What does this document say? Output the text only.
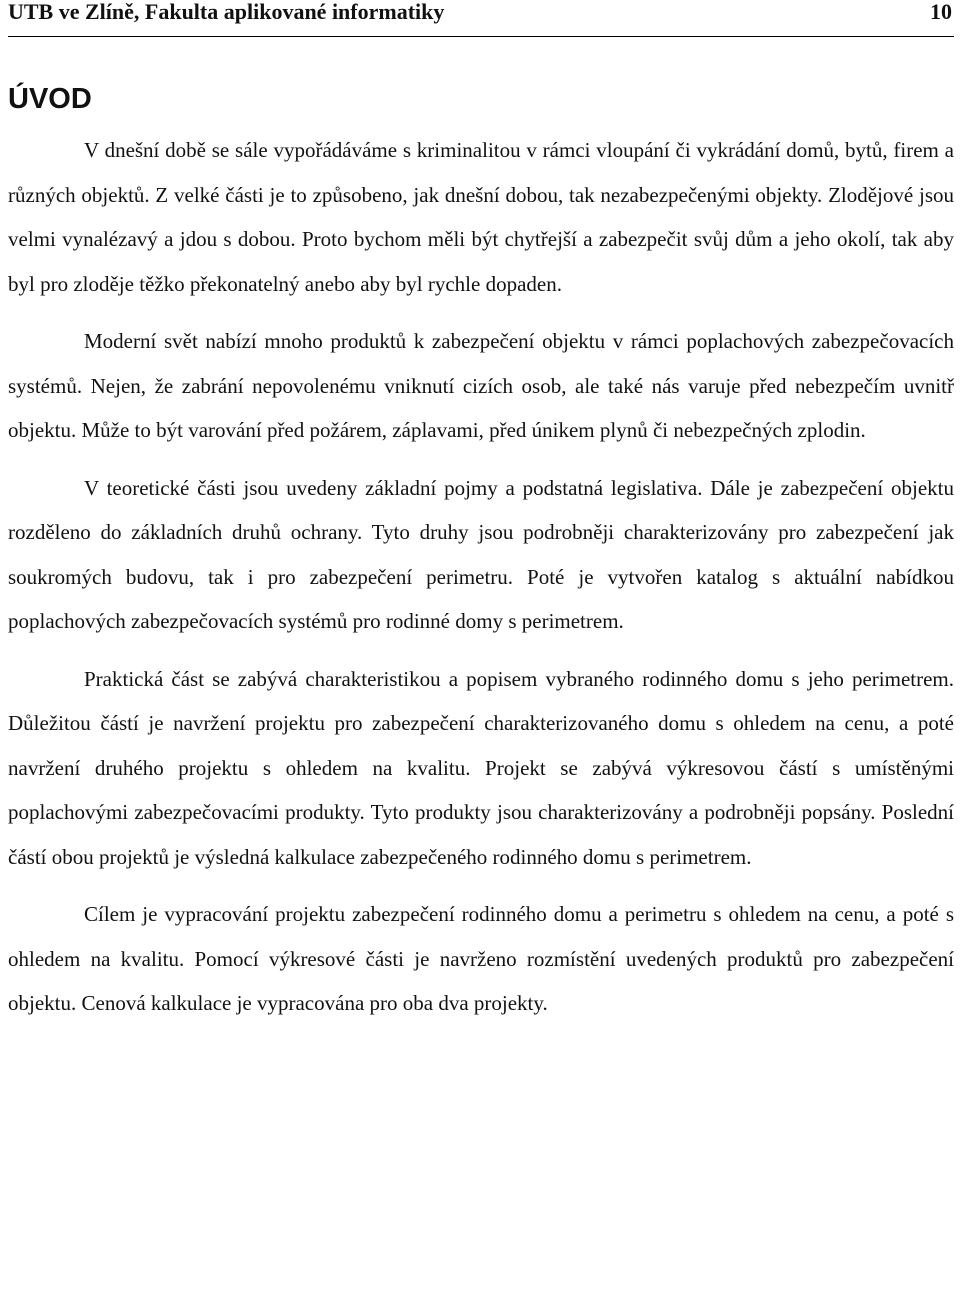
UTB ve Zlíně, Fakulta aplikované informatiky	10
ÚVOD

V dnešní době se sále vypořádáváme s kriminalitou v rámci vloupání či vykrádání domů, bytů, firem a různých objektů. Z velké části je to způsobeno, jak dnešní dobou, tak nezabezpečenými objekty. Zlodějové jsou velmi vynalézavý a jdou s dobou. Proto bychom měli být chytřejší a zabezpečit svůj dům a jeho okolí, tak aby byl pro zloděje těžko překonatelný anebo aby byl rychle dopaden.

Moderní svět nabízí mnoho produktů k zabezpečení objektu v rámci poplachových zabezpečovacích systémů. Nejen, že zabrání nepovolenému vniknutí cizích osob, ale také nás varuje před nebezpečím uvnitř objektu. Může to být varování před požárem, záplavami, před únikem plynů či nebezpečných zplodin.

V teoretické části jsou uvedeny základní pojmy a podstatná legislativa. Dále je zabezpečení objektu rozděleno do základních druhů ochrany. Tyto druhy jsou podrobněji charakterizovány pro zabezpečení jak soukromých budovu, tak i pro zabezpečení perimetru. Poté je vytvořen katalog s aktuální nabídkou poplachových zabezpečovacích systémů pro rodinné domy s perimetrem.

Praktická část se zabývá charakteristikou a popisem vybraného rodinného domu s jeho perimetrem. Důležitou částí je navržení projektu pro zabezpečení charakterizovaného domu s ohledem na cenu, a poté navržení druhého projektu s ohledem na kvalitu. Projekt se zabývá výkresovou částí s umístěnými poplachovými zabezpečovacími produkty. Tyto produkty jsou charakterizovány a podrobněji popsány. Poslední částí obou projektů je výsledná kalkulace zabezpečeného rodinného domu s perimetrem.

Cílem je vypracování projektu zabezpečení rodinného domu a perimetru s ohledem na cenu, a poté s ohledem na kvalitu. Pomocí výkresové části je navrženo rozmístění uvedených produktů pro zabezpečení objektu. Cenová kalkulace je vypracována pro oba dva projekty.
